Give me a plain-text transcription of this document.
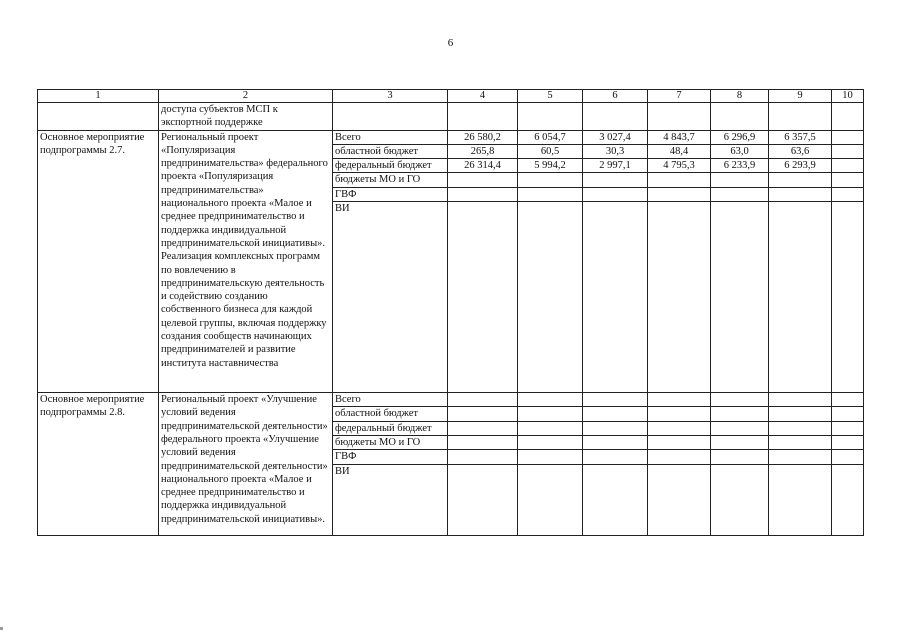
6
1	2	3	4	5	6	7	8	9	10
	доступа субъектов МСП к экспортной поддержке								
Основное мероприятие подпрограммы 2.7.	Региональный проект «Популяризация предпринимательства» федерального проекта «Популяризация предпринимательства» национального проекта «Малое и среднее предпринимательство и поддержка индивидуальной предпринимательской инициативы». Реализация комплексных программ по вовлечению в предпринимательскую деятельность и содействию созданию собственного бизнеса для каждой целевой группы, включая поддержку создания сообществ начинающих предпринимателей и развитие института наставничества	Всего	26 580,2	6 054,7	3 027,4	4 843,7	6 296,9	6 357,5	
		областной бюджет	265,8	60,5	30,3	48,4	63,0	63,6	
		федеральный бюджет	26 314,4	5 994,2	2 997,1	4 795,3	6 233,9	6 293,9	
		бюджеты МО и ГО							
		ГВФ							
		ВИ							
Основное мероприятие подпрограммы 2.8.	Региональный проект «Улучшение условий ведения предпринимательской деятельности» федерального проекта «Улучшение условий ведения предпринимательской деятельности» национального проекта «Малое и среднее предпринимательство и поддержка индивидуальной предпринимательской инициативы».	Всего							
		областной бюджет							
		федеральный бюджет							
		бюджеты МО и ГО							
		ГВФ							
		ВИ							
